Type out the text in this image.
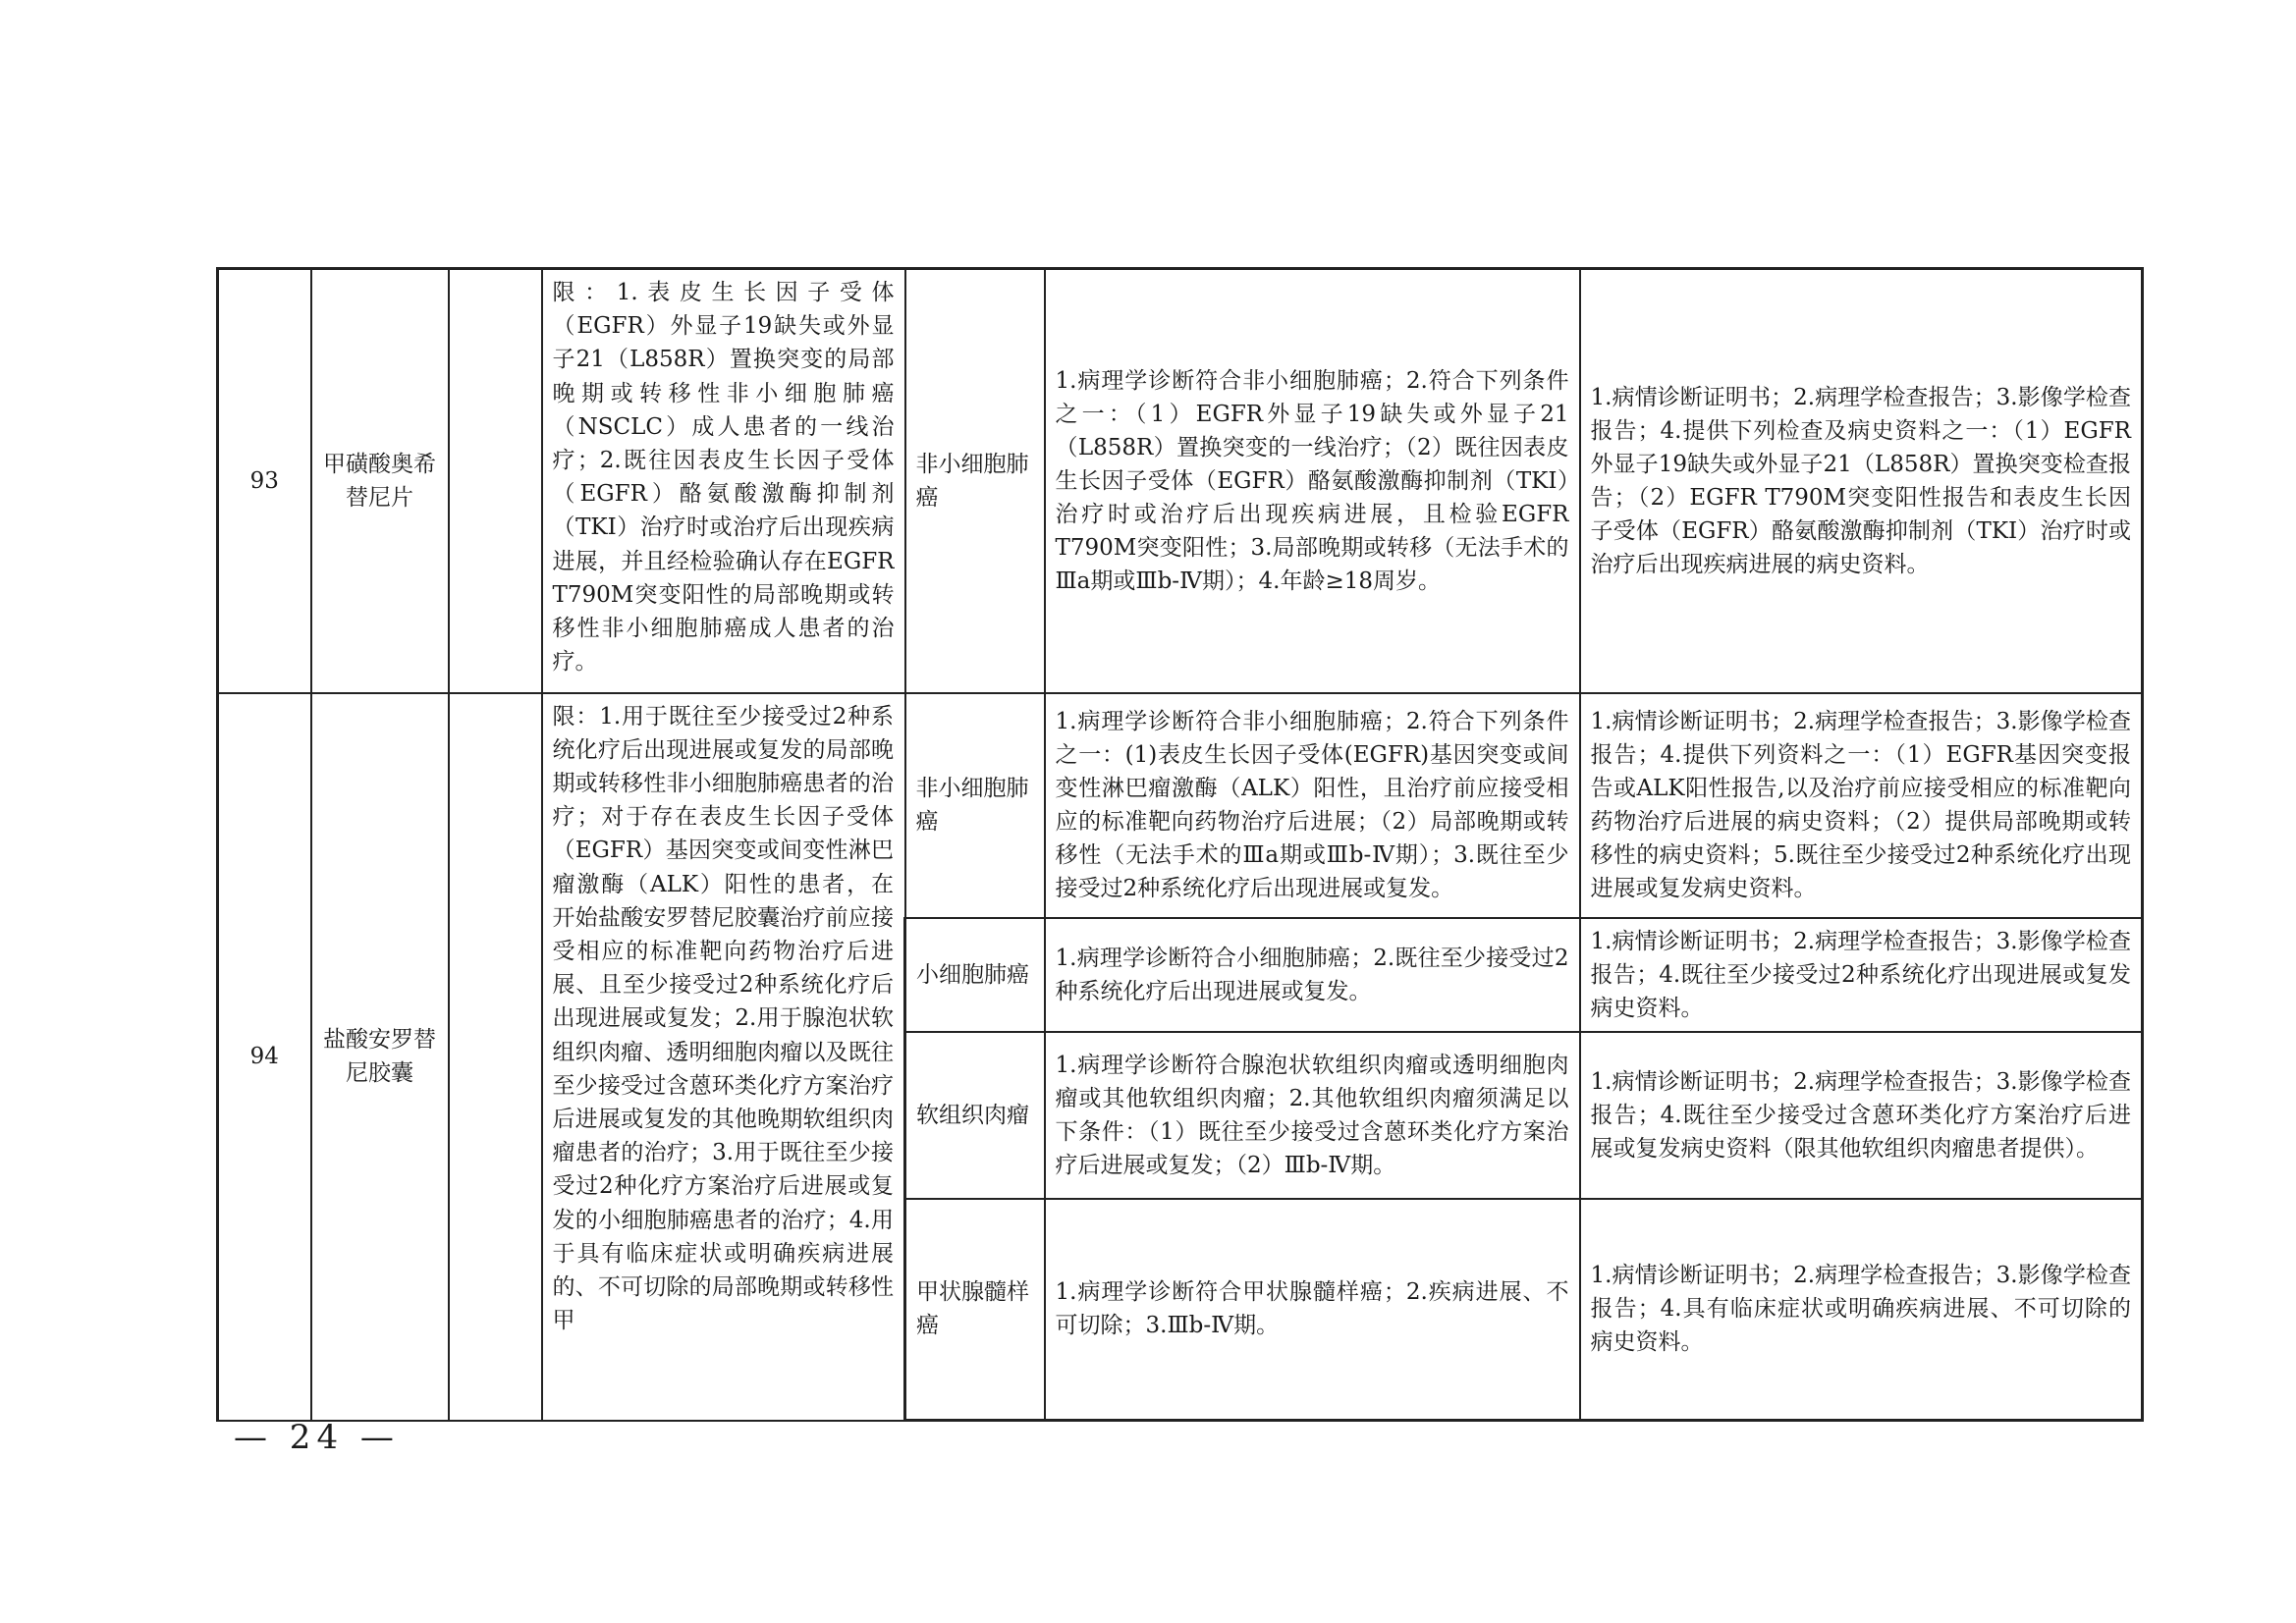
93	甲磺酸奥希替尼片		限：1.表皮生长因子受体（EGFR）外显子19缺失或外显子21（L858R）置换突变的局部晚期或转移性非小细胞肺癌（NSCLC）成人患者的一线治疗；2.既往因表皮生长因子受体（EGFR）酪氨酸激酶抑制剂（TKI）治疗时或治疗后出现疾病进展，并且经检验确认存在EGFR T790M突变阳性的局部晚期或转移性非小细胞肺癌成人患者的治疗。	非小细胞肺癌	1.病理学诊断符合非小细胞肺癌；2.符合下列条件之一：（1）EGFR外显子19缺失或外显子21（L858R）置换突变的一线治疗；（2）既往因表皮生长因子受体（EGFR）酪氨酸激酶抑制剂（TKI）治疗时或治疗后出现疾病进展，且检验EGFR T790M突变阳性；3.局部晚期或转移（无法手术的Ⅲa期或Ⅲb-Ⅳ期）；4.年龄≥18周岁。	1.病情诊断证明书；2.病理学检查报告；3.影像学检查报告；4.提供下列检查及病史资料之一：（1）EGFR外显子19缺失或外显子21（L858R）置换突变检查报告；（2）EGFR T790M突变阳性报告和表皮生长因子受体（EGFR）酪氨酸激酶抑制剂（TKI）治疗时或治疗后出现疾病进展的病史资料。

94	盐酸安罗替尼胶囊		限：1.用于既往至少接受过2种系统化疗后出现进展或复发的局部晚期或转移性非小细胞肺癌患者的治疗；对于存在表皮生长因子受体（EGFR）基因突变或间变性淋巴瘤激酶（ALK）阳性的患者，在开始盐酸安罗替尼胶囊治疗前应接受相应的标准靶向药物治疗后进展、且至少接受过2种系统化疗后出现进展或复发；2.用于腺泡状软组织肉瘤、透明细胞肉瘤以及既往至少接受过含蒽环类化疗方案治疗后进展或复发的其他晚期软组织肉瘤患者的治疗；3.用于既往至少接受过2种化疗方案治疗后进展或复发的小细胞肺癌患者的治疗；4.用于具有临床症状或明确疾病进展的、不可切除的局部晚期或转移性甲	非小细胞肺癌	1.病理学诊断符合非小细胞肺癌；2.符合下列条件之一：(1)表皮生长因子受体(EGFR)基因突变或间变性淋巴瘤激酶（ALK）阳性，且治疗前应接受相应的标准靶向药物治疗后进展；（2）局部晚期或转移性（无法手术的Ⅲa期或Ⅲb-Ⅳ期）；3.既往至少接受过2种系统化疗后出现进展或复发。	1.病情诊断证明书；2.病理学检查报告；3.影像学检查报告；4.提供下列资料之一：（1）EGFR基因突变报告或ALK阳性报告,以及治疗前应接受相应的标准靶向药物治疗后进展的病史资料；（2）提供局部晚期或转移性的病史资料；5.既往至少接受过2种系统化疗出现进展或复发病史资料。

				小细胞肺癌	1.病理学诊断符合小细胞肺癌；2.既往至少接受过2种系统化疗后出现进展或复发。	1.病情诊断证明书；2.病理学检查报告；3.影像学检查报告；4.既往至少接受过2种系统化疗出现进展或复发病史资料。

				软组织肉瘤	1.病理学诊断符合腺泡状软组织肉瘤或透明细胞肉瘤或其他软组织肉瘤；2.其他软组织肉瘤须满足以下条件：（1）既往至少接受过含蒽环类化疗方案治疗后进展或复发；（2）Ⅲb-Ⅳ期。	1.病情诊断证明书；2.病理学检查报告；3.影像学检查报告；4.既往至少接受过含蒽环类化疗方案治疗后进展或复发病史资料（限其他软组织肉瘤患者提供）。

				甲状腺髓样癌	1.病理学诊断符合甲状腺髓样癌；2.疾病进展、不可切除；3.Ⅲb-Ⅳ期。	1.病情诊断证明书；2.病理学检查报告；3.影像学检查报告；4.具有临床症状或明确疾病进展、不可切除的病史资料。
— 24 —
